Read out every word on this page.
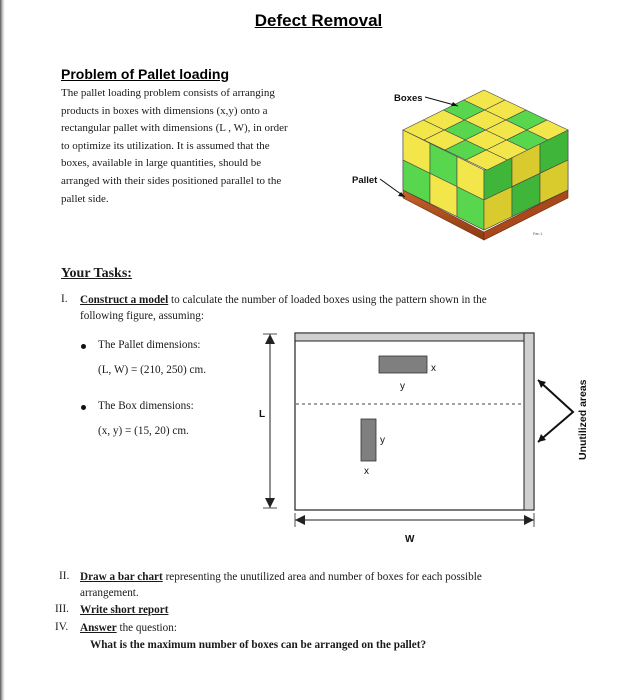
Defect Removal
Problem of Pallet loading
The pallet loading problem consists of arranging
products in boxes with dimensions (x,y) onto a
rectangular pallet with dimensions (L , W), in order
to optimize its utilization. It is assumed that the
boxes, available in large quantities, should be
arranged with their sides positioned parallel to the
pallet side.
Boxes
Pallet
Pan 1
Your Tasks:
I. Construct a model to calculate the number of loaded boxes using the pattern shown in the
following figure, assuming:
The Pallet dimensions:
(L, W) = (210, 250) cm.
The Box dimensions:
(x, y) = (15, 20) cm.
L
x
y
y
x
W
Unutilized areas
II. Draw a bar chart representing the unutilized area and number of boxes for each possible
arrangement.
III. Write short report
IV. Answer the question:
What is the maximum number of boxes can be arranged on the pallet?
